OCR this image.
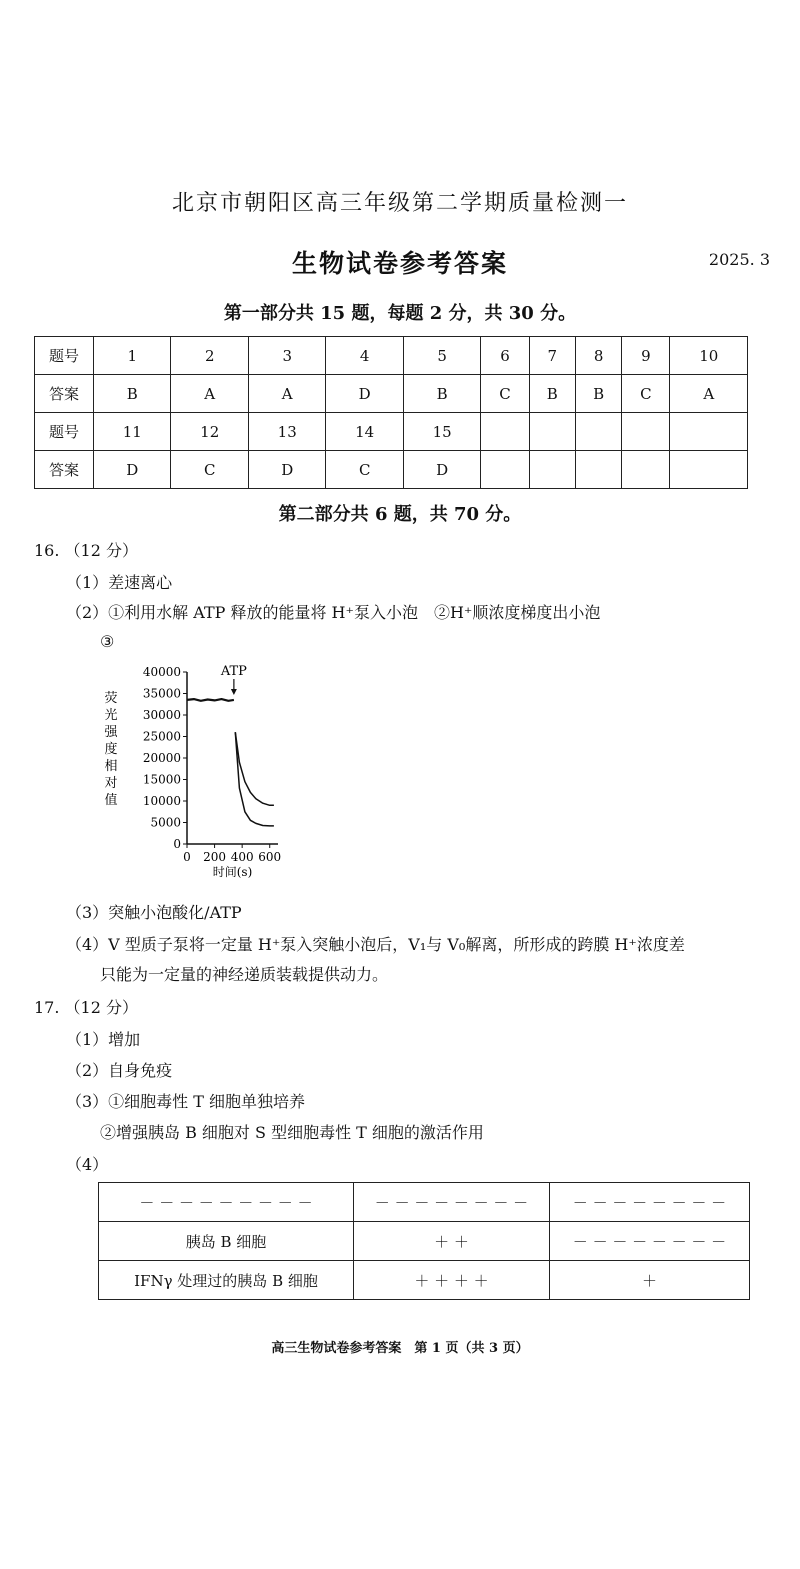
北京市朝阳区高三年级第二学期质量检测一
生物试卷参考答案	2025. 3
第一部分共 15 题，每题 2 分，共 30 分。
题号	1	2	3	4	5	6	7	8	9	10
答案	B	A	A	D	B	C	B	B	C	A
题号	11	12	13	14	15					
答案	D	C	D	C	D					
第二部分共 6 题，共 70 分。
16. （12 分）
（1）差速离心
（2）①利用水解 ATP 释放的能量将 H⁺泵入小泡　②H⁺顺浓度梯度出小泡
③
荧光强度相对值
0
5000
10000
15000
20000
25000
30000
35000
40000
0 200 400 600
ATP
时间(s)
（3）突触小泡酸化/ATP
（4）V 型质子泵将一定量 H⁺泵入突触小泡后，V₁与 V₀解离，所形成的跨膜 H⁺浓度差
只能为一定量的神经递质装载提供动力。
17. （12 分）
（1）增加
（2）自身免疫
（3）①细胞毒性 T 细胞单独培养
②增强胰岛 B 细胞对 S 型细胞毒性 T 细胞的激活作用
（4）
－ － － － － － － － －	－ － － － － － － －	－ － － － － － － －
胰岛 B 细胞	＋ ＋	－ － － － － － － －
IFNγ 处理过的胰岛 B 细胞	＋ ＋ ＋ ＋	＋
高三生物试卷参考答案　第 1 页（共 3 页）
